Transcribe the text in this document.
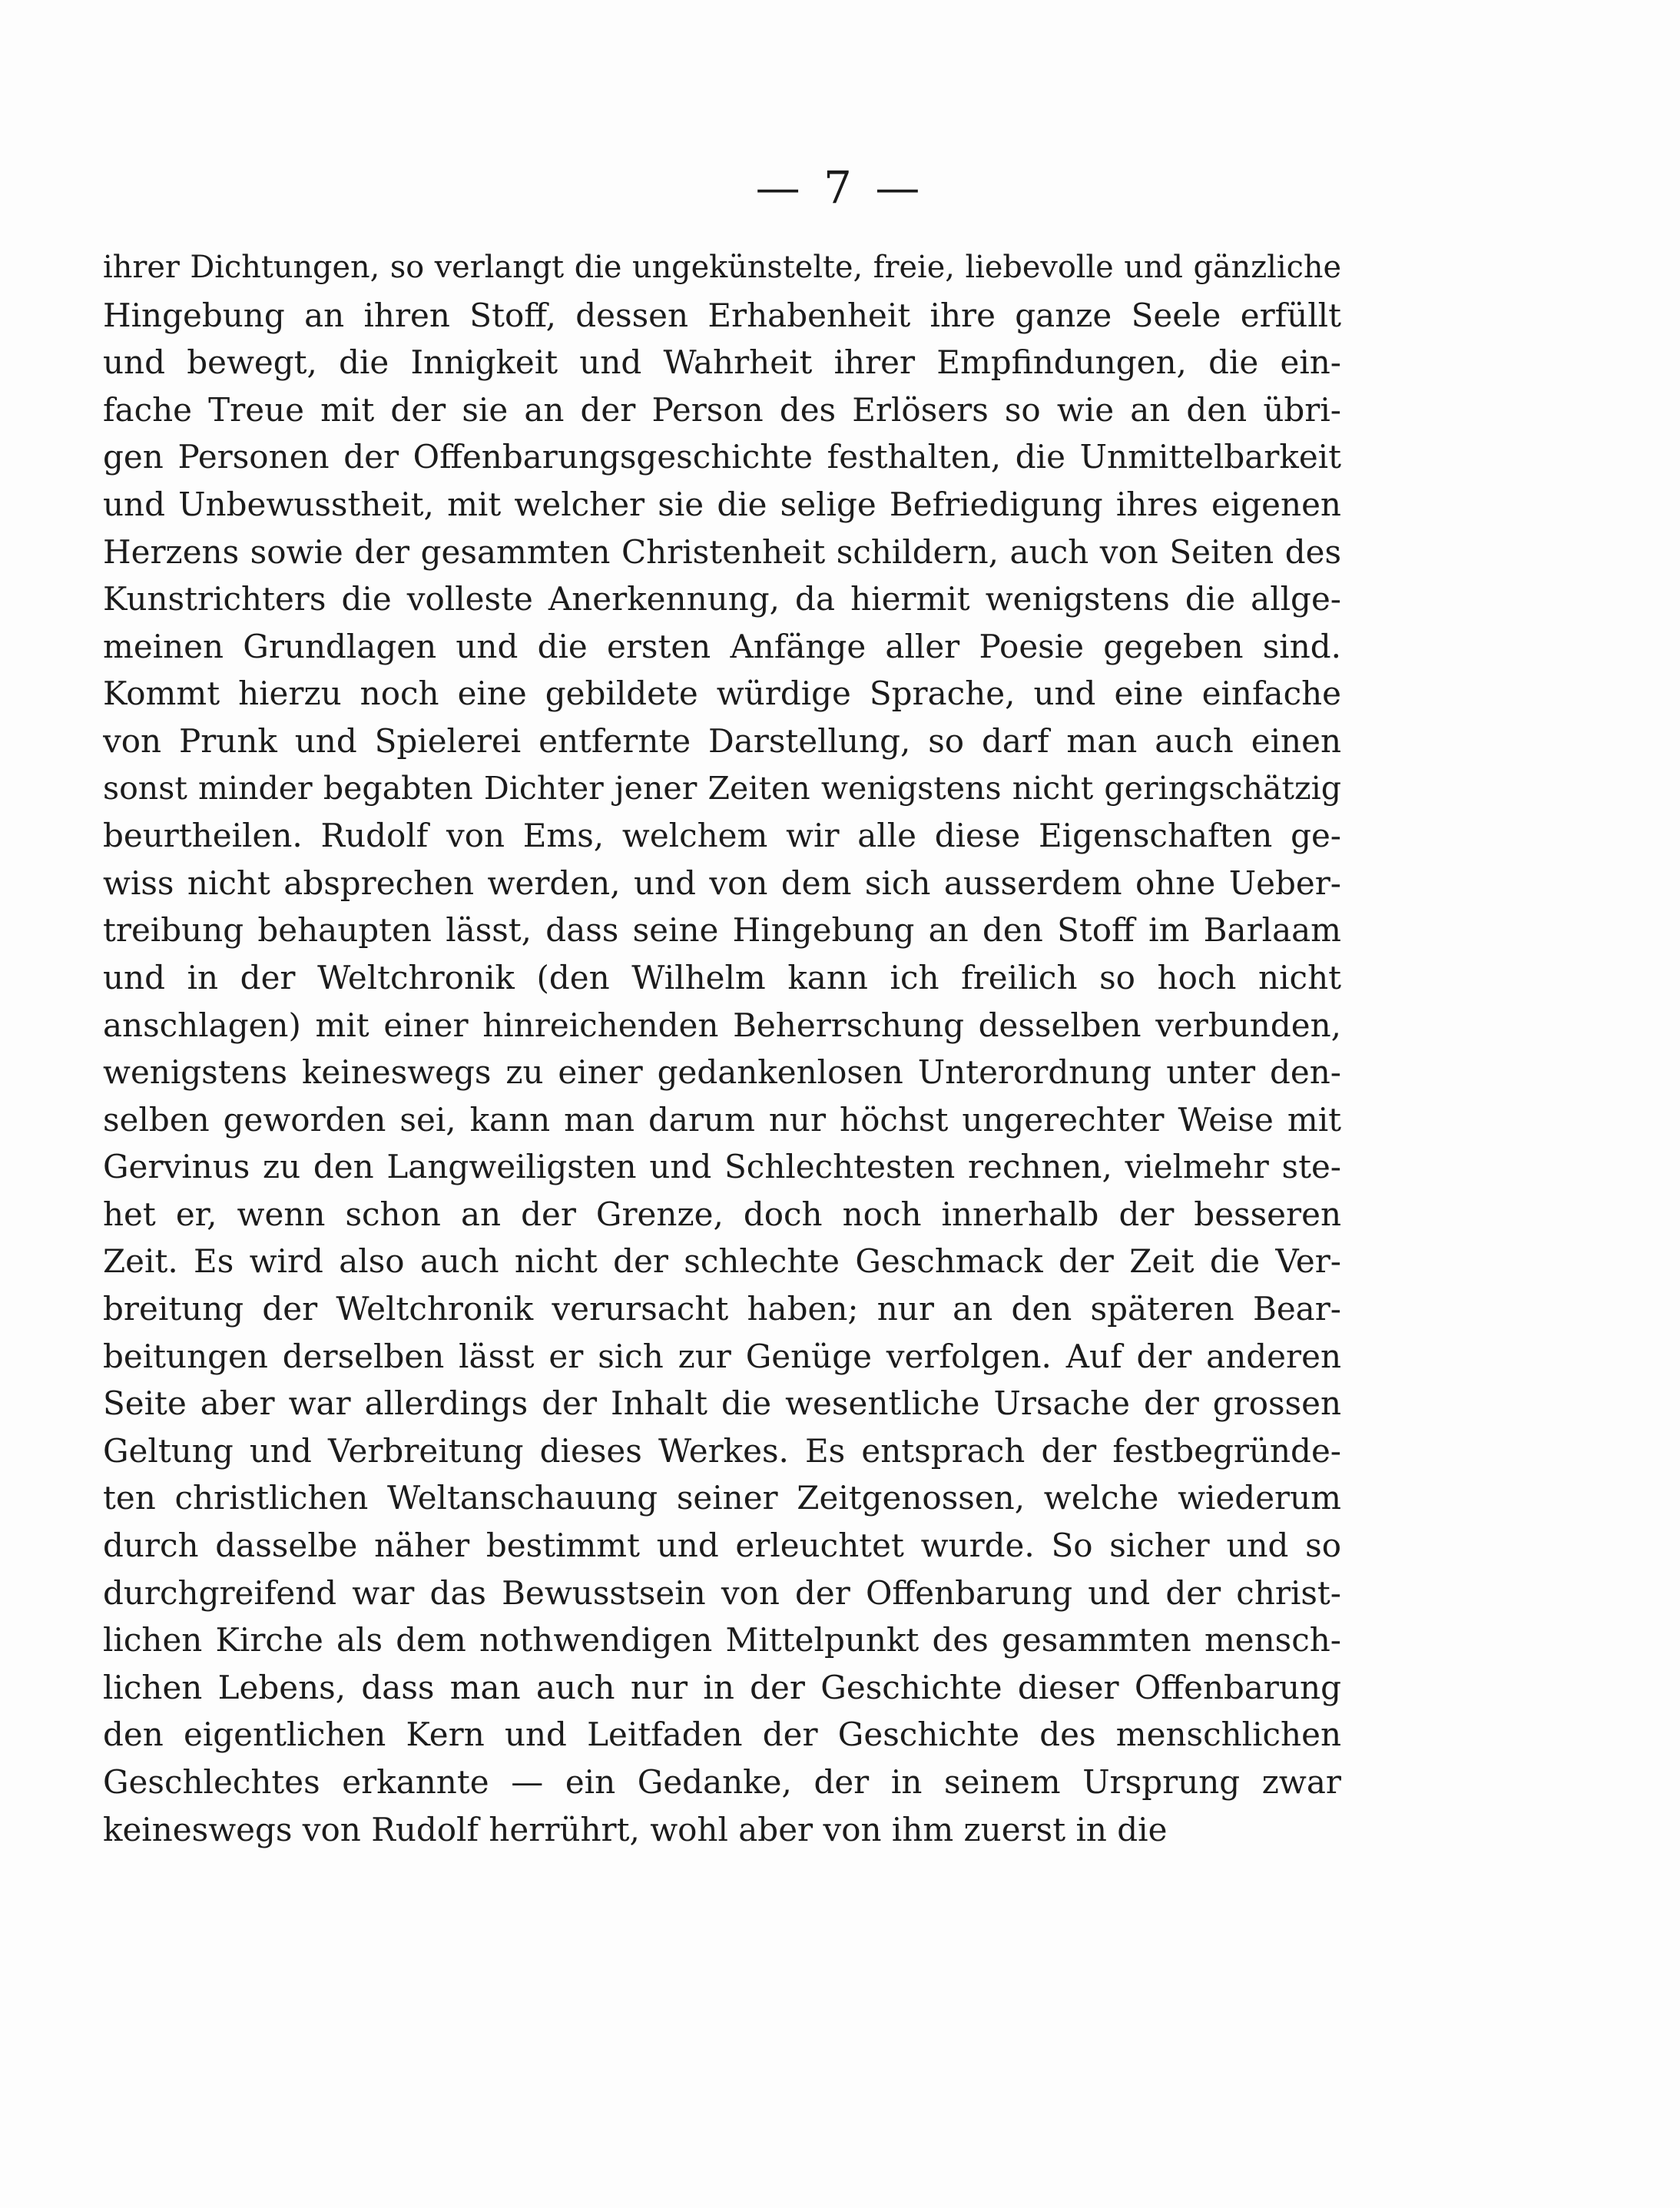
— 7 —
ihrer Dichtungen, so verlangt die ungekünstelte, freie, liebevolle und gänzliche
Hingebung an ihren Stoff, dessen Erhabenheit ihre ganze Seele erfüllt
und bewegt, die Innigkeit und Wahrheit ihrer Empfindungen, die ein-
fache Treue mit der sie an der Person des Erlösers so wie an den übri-
gen Personen der Offenbarungsgeschichte festhalten, die Unmittelbarkeit
und Unbewusstheit, mit welcher sie die selige Befriedigung ihres eigenen
Herzens sowie der gesammten Christenheit schildern, auch von Seiten des
Kunstrichters die volleste Anerkennung, da hiermit wenigstens die allge-
meinen Grundlagen und die ersten Anfänge aller Poesie gegeben sind.
Kommt hierzu noch eine gebildete würdige Sprache, und eine einfache
von Prunk und Spielerei entfernte Darstellung, so darf man auch einen
sonst minder begabten Dichter jener Zeiten wenigstens nicht geringschätzig
beurtheilen. Rudolf von Ems, welchem wir alle diese Eigenschaften ge-
wiss nicht absprechen werden, und von dem sich ausserdem ohne Ueber-
treibung behaupten lässt, dass seine Hingebung an den Stoff im Barlaam
und in der Weltchronik (den Wilhelm kann ich freilich so hoch nicht
anschlagen) mit einer hinreichenden Beherrschung desselben verbunden,
wenigstens keineswegs zu einer gedankenlosen Unterordnung unter den-
selben geworden sei, kann man darum nur höchst ungerechter Weise mit
Gervinus zu den Langweiligsten und Schlechtesten rechnen, vielmehr ste-
het er, wenn schon an der Grenze, doch noch innerhalb der besseren
Zeit. Es wird also auch nicht der schlechte Geschmack der Zeit die Ver-
breitung der Weltchronik verursacht haben; nur an den späteren Bear-
beitungen derselben lässt er sich zur Genüge verfolgen. Auf der anderen
Seite aber war allerdings der Inhalt die wesentliche Ursache der grossen
Geltung und Verbreitung dieses Werkes. Es entsprach der festbegründe-
ten christlichen Weltanschauung seiner Zeitgenossen, welche wiederum
durch dasselbe näher bestimmt und erleuchtet wurde. So sicher und so
durchgreifend war das Bewusstsein von der Offenbarung und der christ-
lichen Kirche als dem nothwendigen Mittelpunkt des gesammten mensch-
lichen Lebens, dass man auch nur in der Geschichte dieser Offenbarung
den eigentlichen Kern und Leitfaden der Geschichte des menschlichen
Geschlechtes erkannte — ein Gedanke, der in seinem Ursprung zwar
keineswegs von Rudolf herrührt, wohl aber von ihm zuerst in die
